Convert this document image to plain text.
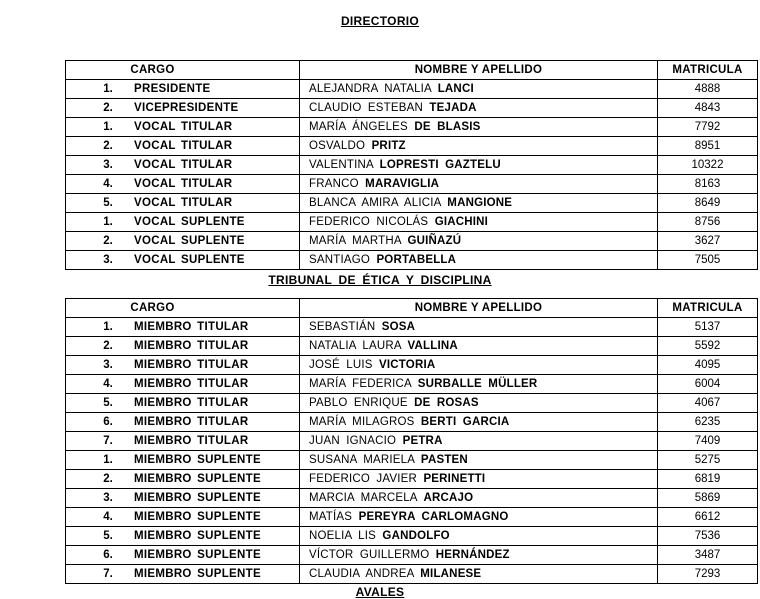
DIRECTORIO
CARGO	NOMBRE Y APELLIDO	MATRICULA
1. PRESIDENTE	ALEJANDRA NATALIA LANCI	4888
2. VICEPRESIDENTE	CLAUDIO ESTEBAN TEJADA	4843
1. VOCAL TITULAR	MARÍA ÁNGELES DE BLASIS	7792
2. VOCAL TITULAR	OSVALDO PRITZ	8951
3. VOCAL TITULAR	VALENTINA LOPRESTI GAZTELU	10322
4. VOCAL TITULAR	FRANCO MARAVIGLIA	8163
5. VOCAL TITULAR	BLANCA AMIRA ALICIA MANGIONE	8649
1. VOCAL SUPLENTE	FEDERICO NICOLÁS GIACHINI	8756
2. VOCAL SUPLENTE	MARÍA MARTHA GUIÑAZÚ	3627
3. VOCAL SUPLENTE	SANTIAGO PORTABELLA	7505
TRIBUNAL DE ÉTICA Y DISCIPLINA
CARGO	NOMBRE Y APELLIDO	MATRICULA
1. MIEMBRO TITULAR	SEBASTIÁN SOSA	5137
2. MIEMBRO TITULAR	NATALIA LAURA VALLINA	5592
3. MIEMBRO TITULAR	JOSÉ LUIS VICTORIA	4095
4. MIEMBRO TITULAR	MARÍA FEDERICA SURBALLE MÜLLER	6004
5. MIEMBRO TITULAR	PABLO ENRIQUE DE ROSAS	4067
6. MIEMBRO TITULAR	MARÍA MILAGROS BERTI GARCIA	6235
7. MIEMBRO TITULAR	JUAN IGNACIO PETRA	7409
1. MIEMBRO SUPLENTE	SUSANA MARIELA PASTEN	5275
2. MIEMBRO SUPLENTE	FEDERICO JAVIER PERINETTI	6819
3. MIEMBRO SUPLENTE	MARCIA MARCELA ARCAJO	5869
4. MIEMBRO SUPLENTE	MATÍAS PEREYRA CARLOMAGNO	6612
5. MIEMBRO SUPLENTE	NOELIA LIS GANDOLFO	7536
6. MIEMBRO SUPLENTE	VÍCTOR GUILLERMO HERNÁNDEZ	3487
7. MIEMBRO SUPLENTE	CLAUDIA ANDREA MILANESE	7293
AVALES
